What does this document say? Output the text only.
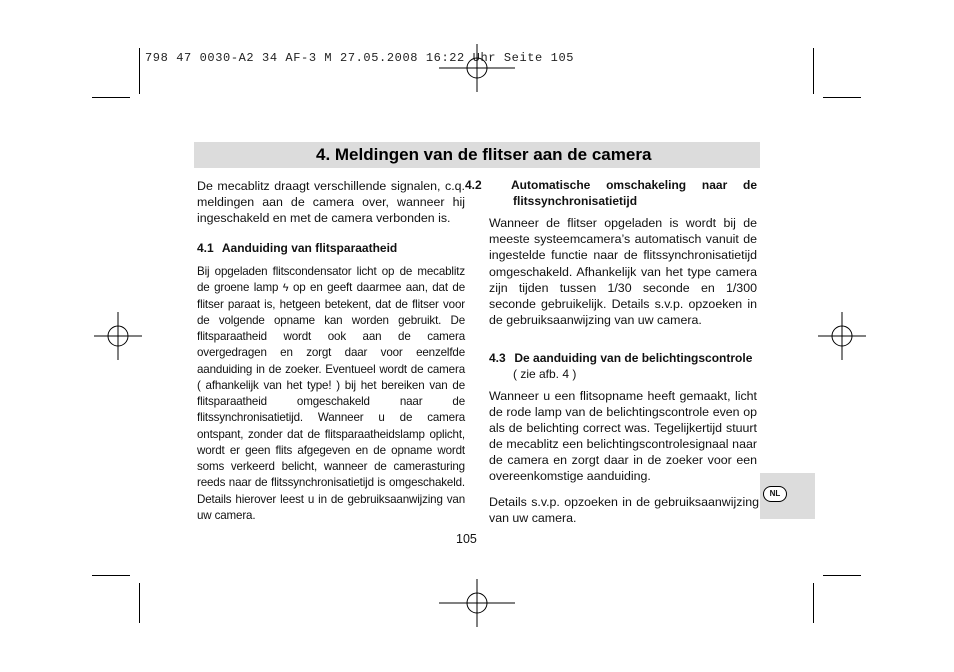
798 47 0030-A2 34 AF-3 M 27.05.2008 16:22 Uhr Seite 105
4. Meldingen van de flitser aan de camera

De mecablitz draagt verschillende signalen, c.q. meldingen aan de camera over, wanneer hij ingeschakeld en met de camera verbonden is.

4.1 Aanduiding van flitsparaatheid

Bij opgeladen flitscondensator licht op de mecablitz de groene lamp ϟ op en geeft daarmee aan, dat de flitser paraat is, hetgeen betekent, dat de flitser voor de volgende opname kan worden gebruikt. De flitsparaatheid wordt ook aan de camera overgedragen en zorgt daar voor eenzelfde aanduiding in de zoeker. Eventueel wordt de camera ( afhankelijk van het type! ) bij het bereiken van de flitsparaatheid omgeschakeld naar de flitssynchronisatietijd. Wanneer u de camera ontspant, zonder dat de flitsparaatheidslamp oplicht, wordt er geen flits afgegeven en de opname wordt soms verkeerd belicht, wanneer de camerasturing reeds naar de flitssynchronisatietijd is omgeschakeld. Details hierover leest u in de gebruiksaanwijzing van uw camera.

4.2 Automatische omschakeling naar de flitssynchronisatietijd

Wanneer de flitser opgeladen is wordt bij de meeste systeemcamera’s automatisch vanuit de ingestelde functie naar de flitssynchronisatietijd omgeschakeld. Afhankelijk van het type camera zijn tijden tussen 1/30 seconde en 1/300 seconde gebruikelijk. Details s.v.p. opzoeken in de gebruiksaanwijzing van uw camera.

4.3 De aanduiding van de belichtingscontrole
( zie afb. 4 )

Wanneer u een flitsopname heeft gemaakt, licht de rode lamp van de belichtingscontrole even op als de belichting correct was. Tegelijkertijd stuurt de mecablitz een belichtingscontrolesignaal naar de camera en zorgt daar in de zoeker voor een overeenkomstige aanduiding.

Details s.v.p. opzoeken in de gebruiksaanwijzing van uw camera.

105
NL
